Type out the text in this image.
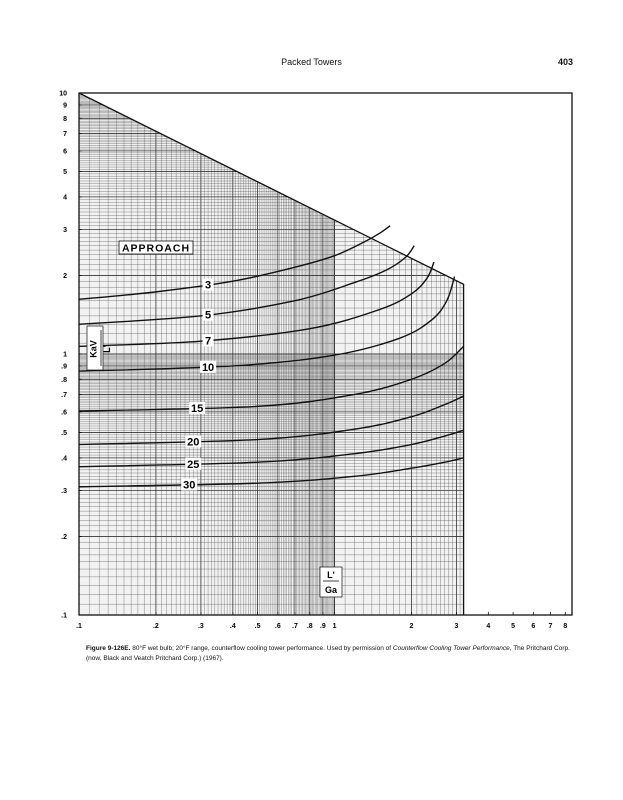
Packed Towers	403
.1	.2	.3	.4	.5 .6 .7 .8 .9 1	2	3	4	5 6 7 8
.1
.2
.3
.4
.5
.6
.7
.8
.9
1
2
3
4
5
6
7
8
9
10
3
5
7
10
15
20
25
30
APPROACH
KaV L'
L'
Ga
Figure 9-126E. 80°F wet bulb; 20°F range, counterflow cooling tower performance. Used by permission of Counterflow Cooling Tower Performance, The Pritchard Corp. (now, Black and Veatch Pritchard Corp.) (1967).
